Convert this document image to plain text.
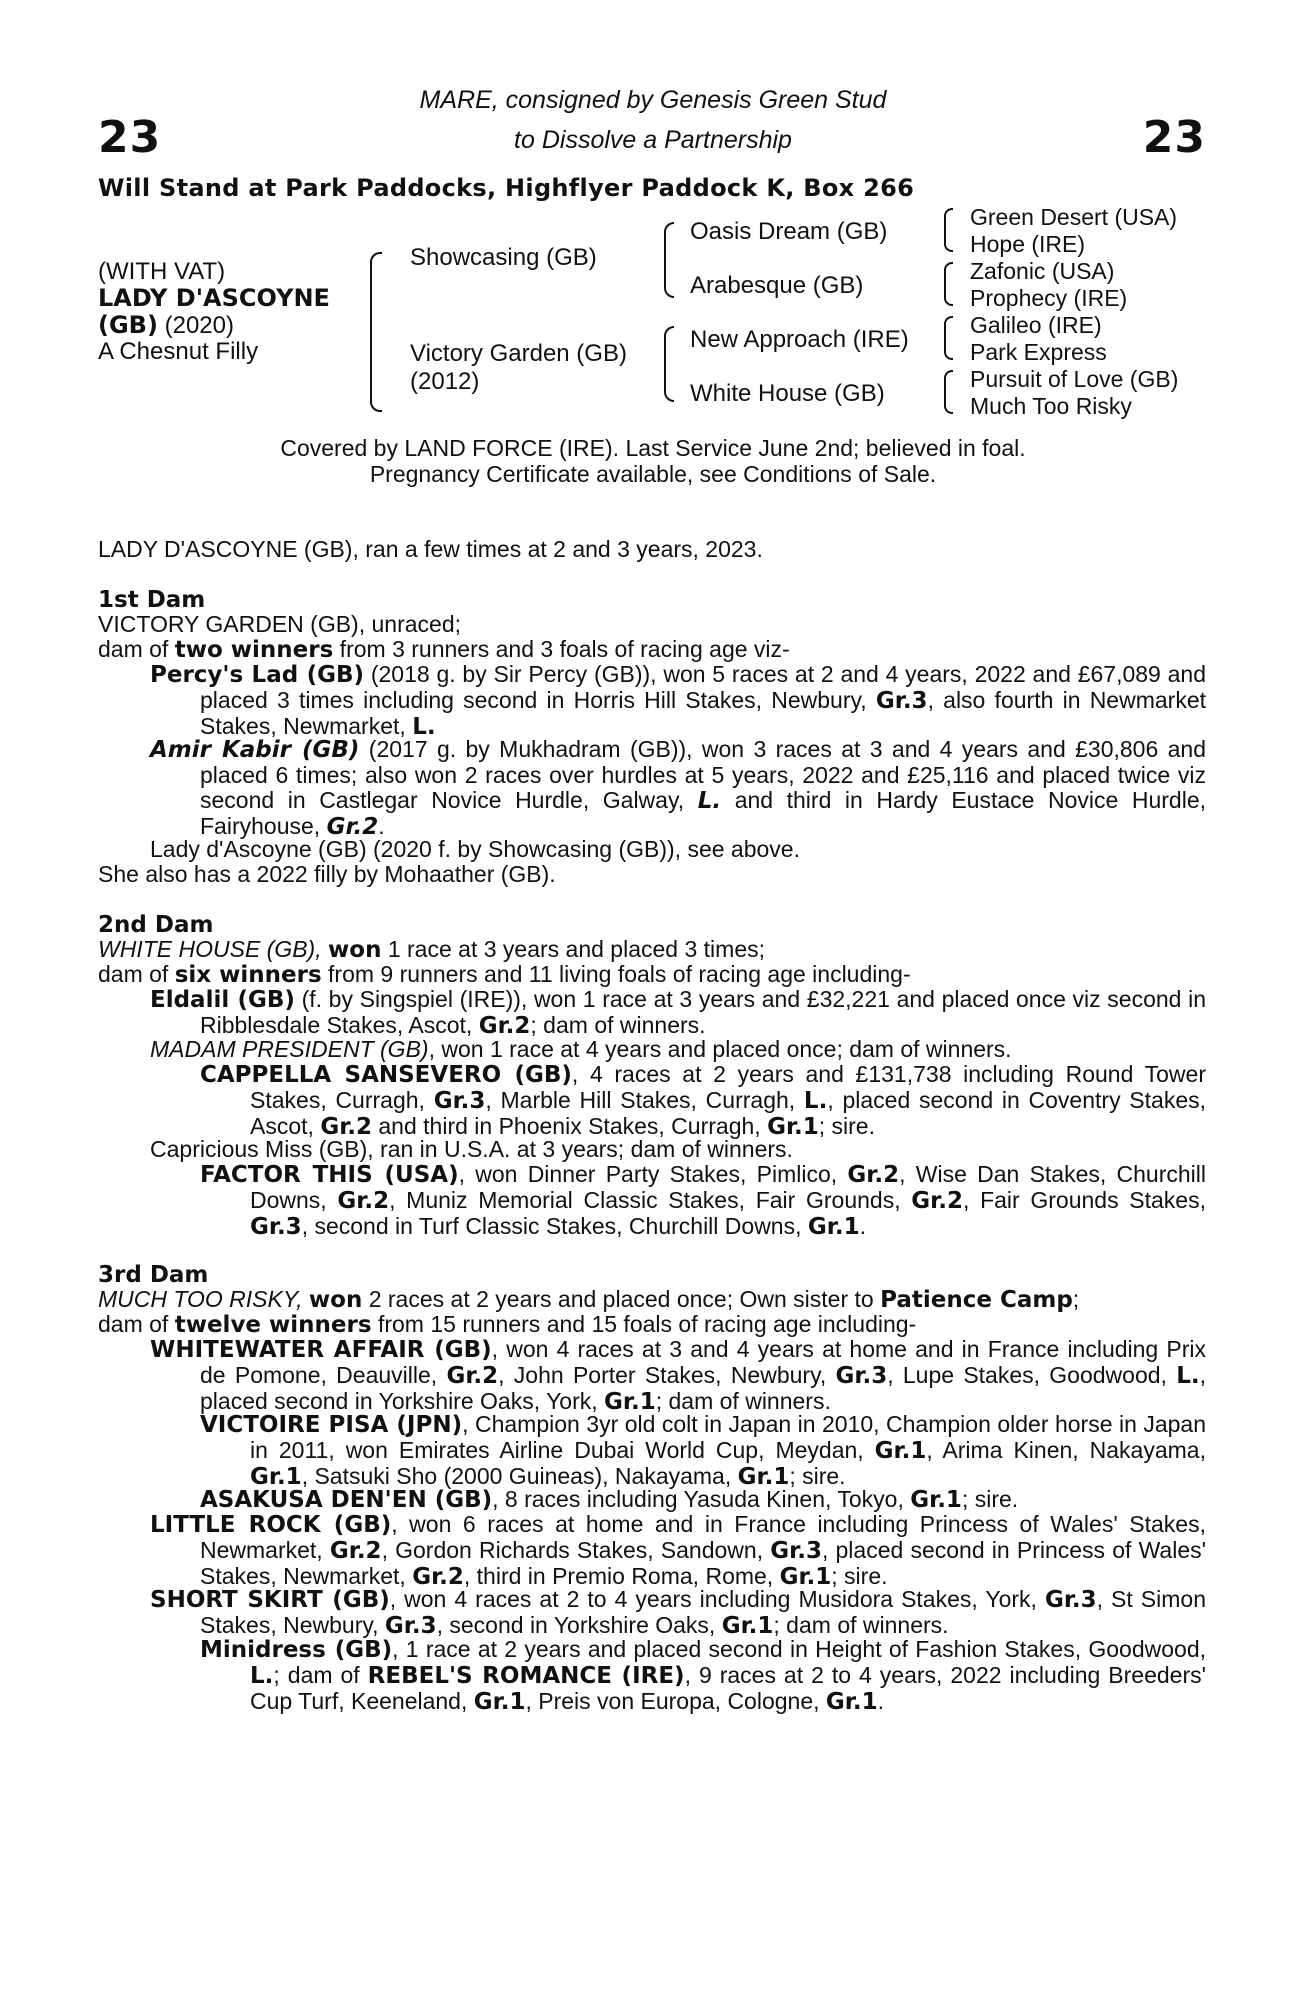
23	23
MARE, consigned by Genesis Green Stud
to Dissolve a Partnership
Will Stand at Park Paddocks, Highflyer Paddock K, Box 266
(WITH VAT)
LADY D'ASCOYNE
(GB) (2020)
A Chesnut Filly
Showcasing (GB)
Victory Garden (GB)
(2012)
Oasis Dream (GB)
Arabesque (GB)
New Approach (IRE)
White House (GB)
Green Desert (USA)
Hope (IRE)
Zafonic (USA)
Prophecy (IRE)
Galileo (IRE)
Park Express
Pursuit of Love (GB)
Much Too Risky
Covered by LAND FORCE (IRE). Last Service June 2nd; believed in foal.
Pregnancy Certificate available, see Conditions of Sale.
LADY D'ASCOYNE (GB), ran a few times at 2 and 3 years, 2023.
1st Dam
VICTORY GARDEN (GB), unraced;
dam of two winners from 3 runners and 3 foals of racing age viz-
Percy's Lad (GB) (2018 g. by Sir Percy (GB)), won 5 races at 2 and 4 years, 2022 and £67,089 and placed 3 times including second in Horris Hill Stakes, Newbury, Gr.3, also fourth in Newmarket Stakes, Newmarket, L.
Amir Kabir (GB) (2017 g. by Mukhadram (GB)), won 3 races at 3 and 4 years and £30,806 and placed 6 times; also won 2 races over hurdles at 5 years, 2022 and £25,116 and placed twice viz second in Castlegar Novice Hurdle, Galway, L. and third in Hardy Eustace Novice Hurdle, Fairyhouse, Gr.2.
Lady d'Ascoyne (GB) (2020 f. by Showcasing (GB)), see above.
She also has a 2022 filly by Mohaather (GB).
2nd Dam
WHITE HOUSE (GB), won 1 race at 3 years and placed 3 times;
dam of six winners from 9 runners and 11 living foals of racing age including-
Eldalil (GB) (f. by Singspiel (IRE)), won 1 race at 3 years and £32,221 and placed once viz second in Ribblesdale Stakes, Ascot, Gr.2; dam of winners.
MADAM PRESIDENT (GB), won 1 race at 4 years and placed once; dam of winners.
CAPPELLA SANSEVERO (GB), 4 races at 2 years and £131,738 including Round Tower Stakes, Curragh, Gr.3, Marble Hill Stakes, Curragh, L., placed second in Coventry Stakes, Ascot, Gr.2 and third in Phoenix Stakes, Curragh, Gr.1; sire.
Capricious Miss (GB), ran in U.S.A. at 3 years; dam of winners.
FACTOR THIS (USA), won Dinner Party Stakes, Pimlico, Gr.2, Wise Dan Stakes, Churchill Downs, Gr.2, Muniz Memorial Classic Stakes, Fair Grounds, Gr.2, Fair Grounds Stakes, Gr.3, second in Turf Classic Stakes, Churchill Downs, Gr.1.
3rd Dam
MUCH TOO RISKY, won 2 races at 2 years and placed once; Own sister to Patience Camp;
dam of twelve winners from 15 runners and 15 foals of racing age including-
WHITEWATER AFFAIR (GB), won 4 races at 3 and 4 years at home and in France including Prix de Pomone, Deauville, Gr.2, John Porter Stakes, Newbury, Gr.3, Lupe Stakes, Goodwood, L., placed second in Yorkshire Oaks, York, Gr.1; dam of winners.
VICTOIRE PISA (JPN), Champion 3yr old colt in Japan in 2010, Champion older horse in Japan in 2011, won Emirates Airline Dubai World Cup, Meydan, Gr.1, Arima Kinen, Nakayama, Gr.1, Satsuki Sho (2000 Guineas), Nakayama, Gr.1; sire.
ASAKUSA DEN'EN (GB), 8 races including Yasuda Kinen, Tokyo, Gr.1; sire.
LITTLE ROCK (GB), won 6 races at home and in France including Princess of Wales' Stakes, Newmarket, Gr.2, Gordon Richards Stakes, Sandown, Gr.3, placed second in Princess of Wales' Stakes, Newmarket, Gr.2, third in Premio Roma, Rome, Gr.1; sire.
SHORT SKIRT (GB), won 4 races at 2 to 4 years including Musidora Stakes, York, Gr.3, St Simon Stakes, Newbury, Gr.3, second in Yorkshire Oaks, Gr.1; dam of winners.
Minidress (GB), 1 race at 2 years and placed second in Height of Fashion Stakes, Goodwood, L.; dam of REBEL'S ROMANCE (IRE), 9 races at 2 to 4 years, 2022 including Breeders' Cup Turf, Keeneland, Gr.1, Preis von Europa, Cologne, Gr.1.
